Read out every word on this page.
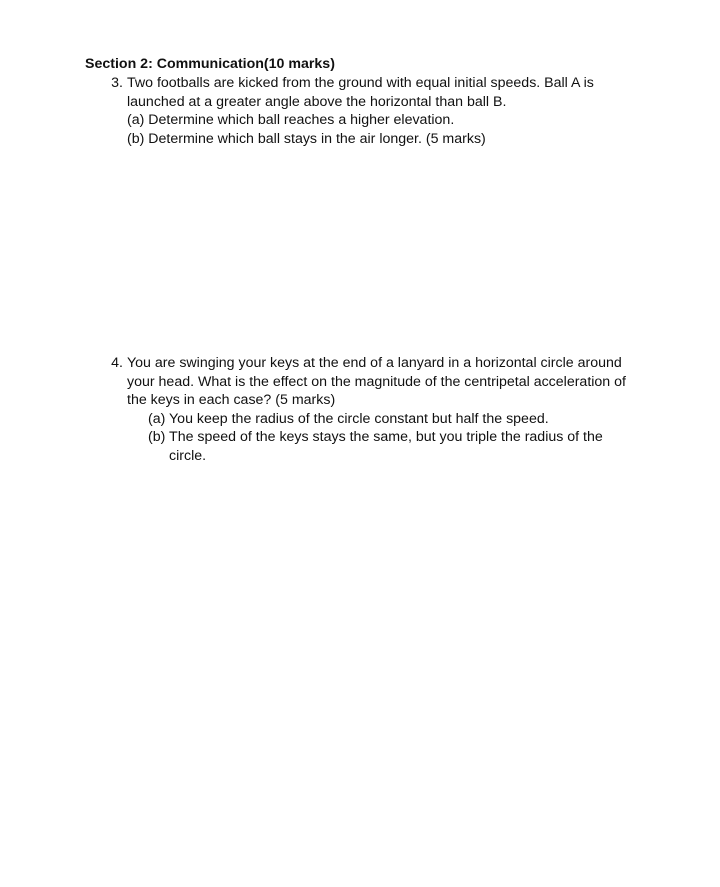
Section 2: Communication(10 marks)
3. Two footballs are kicked from the ground with equal initial speeds. Ball A is launched at a greater angle above the horizontal than ball B.
(a) Determine which ball reaches a higher elevation.
(b) Determine which ball stays in the air longer. (5 marks)
4. You are swinging your keys at the end of a lanyard in a horizontal circle around your head. What is the effect on the magnitude of the centripetal acceleration of the keys in each case? (5 marks)
(a) You keep the radius of the circle constant but half the speed.
(b) The speed of the keys stays the same, but you triple the radius of the circle.
